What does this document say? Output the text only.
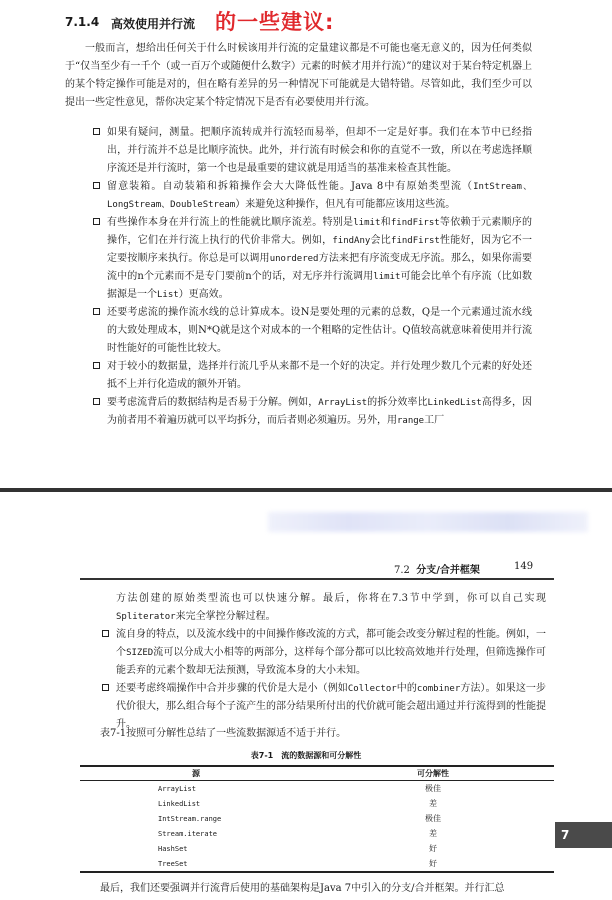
7.1.4 高效使用并行流 的一些建议:

一般而言，想给出任何关于什么时候该用并行流的定量建议都是不可能也毫无意义的，因为任何类似于“仅当至少有一千个（或一百万个或随便什么数字）元素的时候才用并行流）”的建议对于某台特定机器上的某个特定操作可能是对的，但在略有差异的另一种情况下可能就是大错特错。尽管如此，我们至少可以提出一些定性意见，帮你决定某个特定情况下是否有必要使用并行流。

如果有疑问，测量。把顺序流转成并行流轻而易举，但却不一定是好事。我们在本节中已经指出，并行流并不总是比顺序流快。此外，并行流有时候会和你的直觉不一致，所以在考虑选择顺序流还是并行流时，第一个也是最重要的建议就是用适当的基准来检查其性能。
留意装箱。自动装箱和拆箱操作会大大降低性能。Java 8中有原始类型流（IntStream、LongStream、DoubleStream）来避免这种操作，但凡有可能都应该用这些流。
有些操作本身在并行流上的性能就比顺序流差。特别是limit和findFirst等依赖于元素顺序的操作，它们在并行流上执行的代价非常大。例如，findAny会比findFirst性能好，因为它不一定要按顺序来执行。你总是可以调用unordered方法来把有序流变成无序流。那么，如果你需要流中的n个元素而不是专门要前n个的话，对无序并行流调用limit可能会比单个有序流（比如数据源是一个List）更高效。
还要考虑流的操作流水线的总计算成本。设N是要处理的元素的总数，Q是一个元素通过流水线的大致处理成本，则N*Q就是这个对成本的一个粗略的定性估计。Q值较高就意味着使用并行流时性能好的可能性比较大。
对于较小的数据量，选择并行流几乎从来都不是一个好的决定。并行处理少数几个元素的好处还抵不上并行化造成的额外开销。
要考虑流背后的数据结构是否易于分解。例如，ArrayList的拆分效率比LinkedList高得多，因为前者用不着遍历就可以平均拆分，而后者则必须遍历。另外，用range工厂
7.2 分支/合并框架	149

方法创建的原始类型流也可以快速分解。最后，你将在7.3节中学到，你可以自己实现Spliterator来完全掌控分解过程。

流自身的特点，以及流水线中的中间操作修改流的方式，都可能会改变分解过程的性能。例如，一个SIZED流可以分成大小相等的两部分，这样每个部分都可以比较高效地并行处理，但筛选操作可能丢弃的元素个数却无法预测，导致流本身的大小未知。
还要考虑终端操作中合并步骤的代价是大是小（例如Collector中的combiner方法）。如果这一步代价很大，那么组合每个子流产生的部分结果所付出的代价就可能会超出通过并行流得到的性能提升。

表7-1按照可分解性总结了一些流数据源适不适于并行。

表7-1　流的数据源和可分解性
源	可分解性
ArrayList	极佳
LinkedList	差
IntStream.range	极佳
Stream.iterate	差
HashSet	好
TreeSet	好

最后，我们还要强调并行流背后使用的基础架构是Java 7中引入的分支/合并框架。并行汇总

7
